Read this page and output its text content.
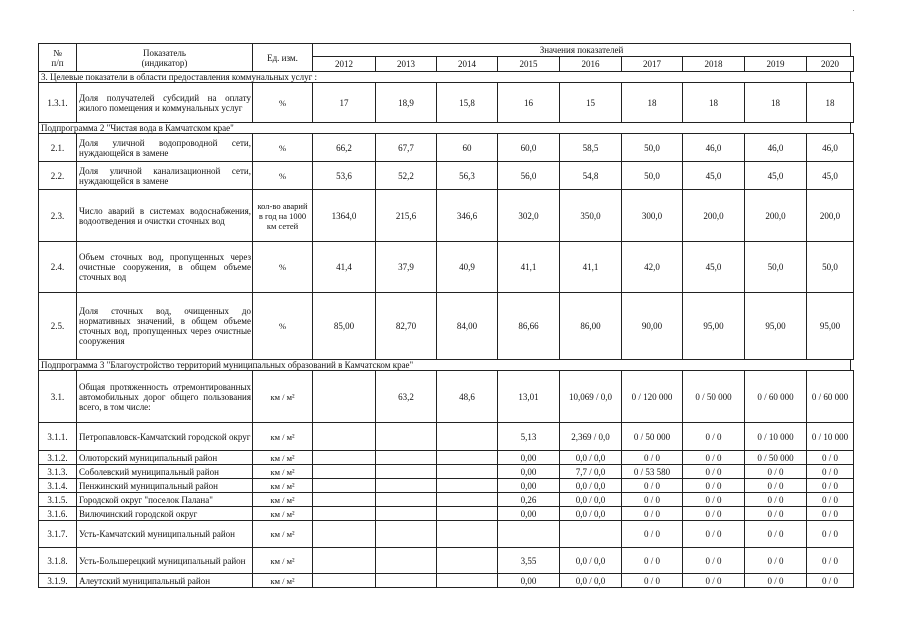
№
п/п	Показатель
(индикатор)	Ед. изм.	Значения показателей								
			2012	2013	2014	2015	2016	2017	2018	2019	2020
3. Целевые показатели в области предоставления коммунальных услуг :											
1.3.1.	Доля получателей субсидий на оплату жилого помещения и коммунальных услуг	%	17	18,9	15,8	16	15	18	18	18	18
Подпрограмма 2 "Чистая вода в Камчатском крае"											
2.1.	Доля уличной водопроводной сети, нуждающейся в замене	%	66,2	67,7	60	60,0	58,5	50,0	46,0	46,0	46,0
2.2.	Доля уличной канализационной сети, нуждающейся в замене	%	53,6	52,2	56,3	56,0	54,8	50,0	45,0	45,0	45,0
2.3.	Число аварий в системах водоснабжения, водоотведения и очистки сточных вод	кол-во аварий в год на 1000 км сетей	1364,0	215,6	346,6	302,0	350,0	300,0	200,0	200,0	200,0
2.4.	Объем сточных вод, пропущенных через очистные сооружения, в общем объеме сточных вод	%	41,4	37,9	40,9	41,1	41,1	42,0	45,0	50,0	50,0
2.5.	Доля сточных вод, очищенных до нормативных значений, в общем объеме сточных вод, пропущенных через очистные сооружения	%	85,00	82,70	84,00	86,66	86,00	90,00	95,00	95,00	95,00
Подпрограмма 3 "Благоустройство территорий муниципальных образований в Камчатском крае"											
3.1.	Общая протяженность отремонтированных автомобильных дорог общего пользования всего, в том числе:	км / м²		63,2	48,6	13,01	10,069 / 0,0	0 / 120 000	0 / 50 000	0 / 60 000	0 / 60 000
3.1.1.	Петропавловск-Камчатский городской округ	км / м²				5,13	2,369 / 0,0	0 / 50 000	0 / 0	0 / 10 000	0 / 10 000
3.1.2.	Олюторский муниципальный район	км / м²				0,00	0,0 / 0,0	0 / 0	0 / 0	0 / 50 000	0 / 0
3.1.3.	Соболевский муниципальный район	км / м²				0,00	7,7 / 0,0	0 / 53 580	0 / 0	0 / 0	0 / 0
3.1.4.	Пенжинский муниципальный район	км / м²				0,00	0,0 / 0,0	0 / 0	0 / 0	0 / 0	0 / 0
3.1.5.	Городской округ "поселок Палана"	км / м²				0,26	0,0 / 0,0	0 / 0	0 / 0	0 / 0	0 / 0
3.1.6.	Вилючинский городской округ	км / м²				0,00	0,0 / 0,0	0 / 0	0 / 0	0 / 0	0 / 0
3.1.7.	Усть-Камчатский муниципальный район	км / м²						0 / 0	0 / 0	0 / 0	0 / 0
3.1.8.	Усть-Большерецкий муниципальный район	км / м²				3,55	0,0 / 0,0	0 / 0	0 / 0	0 / 0	0 / 0
3.1.9.	Алеутский муниципальный район	км / м²				0,00	0,0 / 0,0	0 / 0	0 / 0	0 / 0	0 / 0
